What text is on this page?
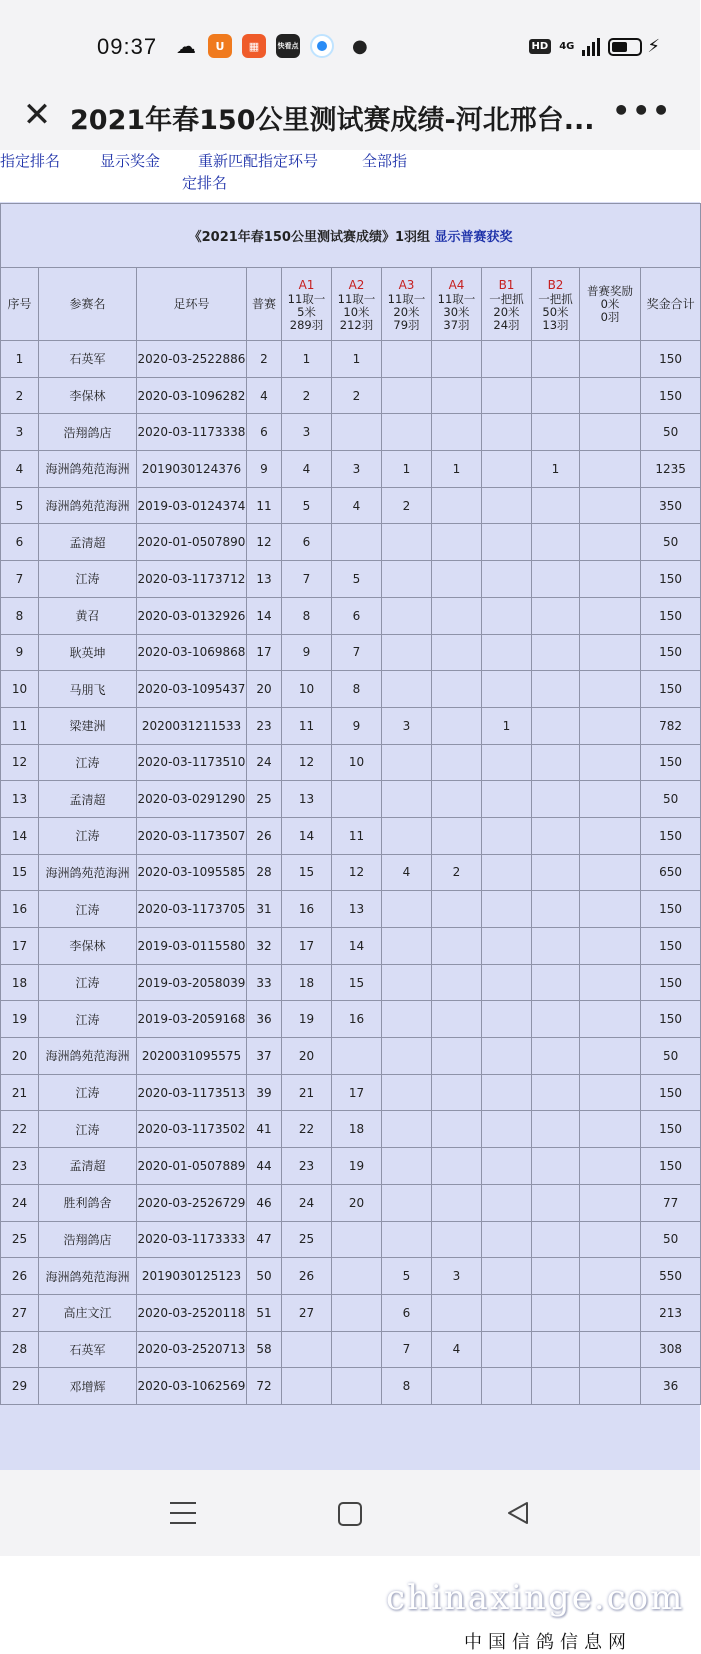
09:37 ☁	U	▦	快看点	●	HD	4G	⚡
✕ 2021年春150公里测试赛成绩-河北邢台... •••
指定排名	显示奖金	重新匹配指定环号	全部指
定排名
《2021年春150公里测试赛成绩》1羽组 显示普赛获奖											
序号	参赛名	足环号	普赛	A1
11取一
5米
289羽	A2
11取一
10米
212羽	A3
11取一
20米
79羽	A4
11取一
30米
37羽	B1
一把抓
20米
24羽	B2
一把抓
50米
13羽	普赛奖励
0米
0羽	奖金合计
1	石英军	2020-03-2522886	2	1	1						150
2	李保林	2020-03-1096282	4	2	2						150
3	浩翔鸽店	2020-03-1173338	6	3							50
4	海洲鸽苑范海洲	2019030124376	9	4	3	1	1		1		1235
5	海洲鸽苑范海洲	2019-03-0124374	11	5	4	2					350
6	孟清超	2020-01-0507890	12	6							50
7	江涛	2020-03-1173712	13	7	5						150
8	黄召	2020-03-0132926	14	8	6						150
9	耿英坤	2020-03-1069868	17	9	7						150
10	马朋飞	2020-03-1095437	20	10	8						150
11	梁建洲	2020031211533	23	11	9	3		1			782
12	江涛	2020-03-1173510	24	12	10						150
13	孟清超	2020-03-0291290	25	13							50
14	江涛	2020-03-1173507	26	14	11						150
15	海洲鸽苑范海洲	2020-03-1095585	28	15	12	4	2				650
16	江涛	2020-03-1173705	31	16	13						150
17	李保林	2019-03-0115580	32	17	14						150
18	江涛	2019-03-2058039	33	18	15						150
19	江涛	2019-03-2059168	36	19	16						150
20	海洲鸽苑范海洲	2020031095575	37	20							50
21	江涛	2020-03-1173513	39	21	17						150
22	江涛	2020-03-1173502	41	22	18						150
23	孟清超	2020-01-0507889	44	23	19						150
24	胜利鸽舍	2020-03-2526729	46	24	20						77
25	浩翔鸽店	2020-03-1173333	47	25							50
26	海洲鸽苑范海洲	2019030125123	50	26		5	3				550
27	高庄文江	2020-03-2520118	51	27		6					213
28	石英军	2020-03-2520713	58			7	4				308
29	邓增辉	2020-03-1062569	72			8					36
chinaxinge.com
中国信鸽信息网
